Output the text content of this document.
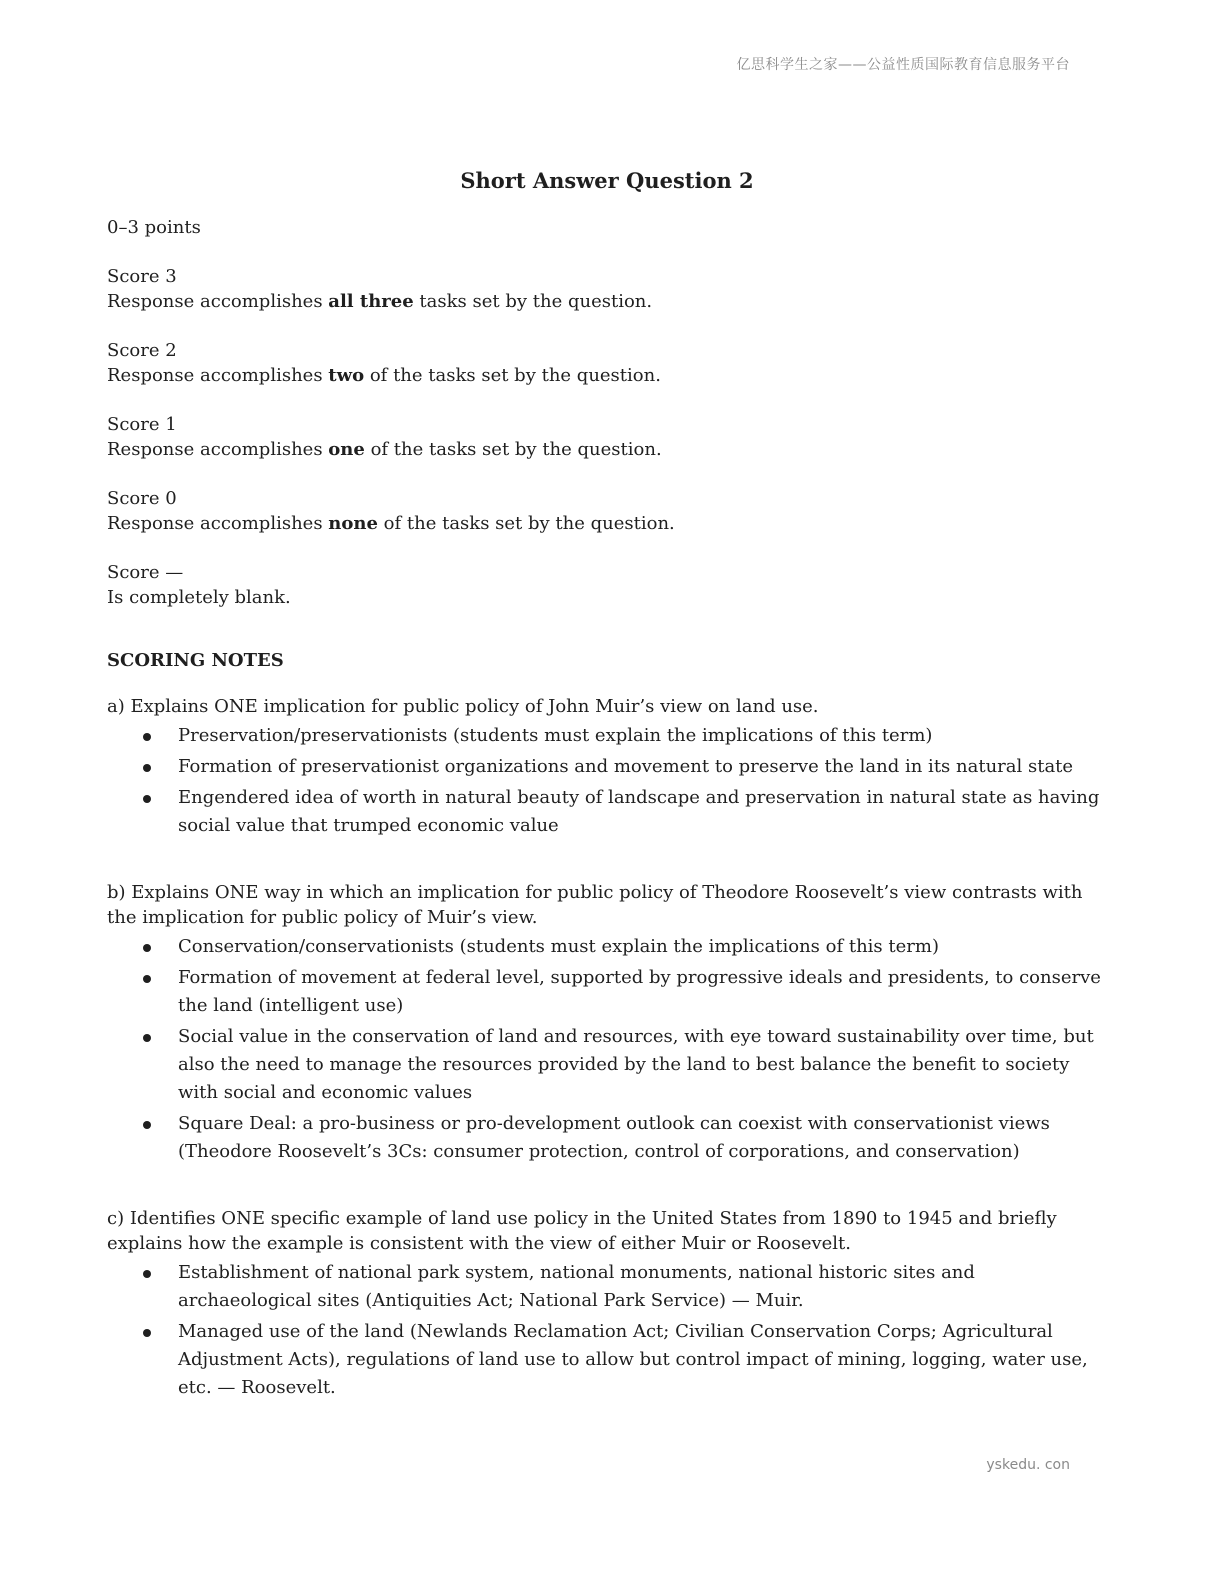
亿思科学生之家——公益性质国际教育信息服务平台
Short Answer Question 2
0–3 points
Score 3
Response accomplishes all three tasks set by the question.
Score 2
Response accomplishes two of the tasks set by the question.
Score 1
Response accomplishes one of the tasks set by the question.
Score 0
Response accomplishes none of the tasks set by the question.
Score —
Is completely blank.
SCORING NOTES
a) Explains ONE implication for public policy of John Muir’s view on land use.
Preservation/preservationists (students must explain the implications of this term)
Formation of preservationist organizations and movement to preserve the land in its natural state
Engendered idea of worth in natural beauty of landscape and preservation in natural state as having social value that trumped economic value
b) Explains ONE way in which an implication for public policy of Theodore Roosevelt’s view contrasts with the implication for public policy of Muir’s view.
Conservation/conservationists (students must explain the implications of this term)
Formation of movement at federal level, supported by progressive ideals and presidents, to conserve the land (intelligent use)
Social value in the conservation of land and resources, with eye toward sustainability over time, but also the need to manage the resources provided by the land to best balance the benefit to society with social and economic values
Square Deal: a pro-business or pro-development outlook can coexist with conservationist views (Theodore Roosevelt’s 3Cs: consumer protection, control of corporations, and conservation)
c) Identifies ONE specific example of land use policy in the United States from 1890 to 1945 and briefly explains how the example is consistent with the view of either Muir or Roosevelt.
Establishment of national park system, national monuments, national historic sites and archaeological sites (Antiquities Act; National Park Service) — Muir.
Managed use of the land (Newlands Reclamation Act; Civilian Conservation Corps; Agricultural Adjustment Acts), regulations of land use to allow but control impact of mining, logging, water use, etc. — Roosevelt.
yskedu. con
